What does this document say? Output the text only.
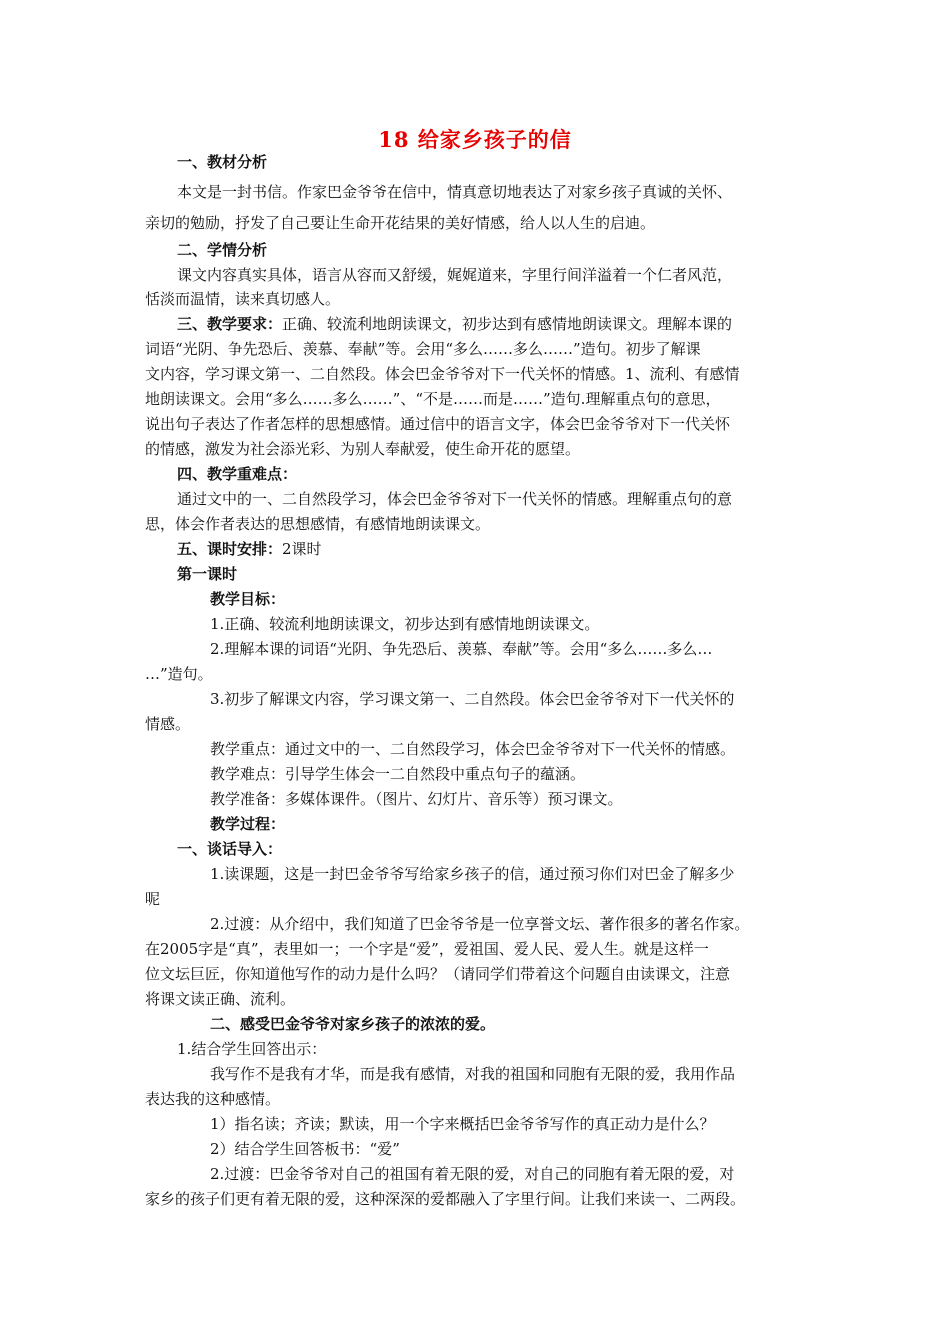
18 给家乡孩子的信
一、教材分析
本文是一封书信。作家巴金爷爷在信中，情真意切地表达了对家乡孩子真诚的关怀、
亲切的勉励，抒发了自己要让生命开花结果的美好情感，给人以人生的启迪。
二、学情分析
课文内容真实具体，语言从容而又舒缓，娓娓道来，字里行间洋溢着一个仁者风范，
恬淡而温情，读来真切感人。
三、教学要求：正确、较流利地朗读课文，初步达到有感情地朗读课文。理解本课的
词语“光阴、争先恐后、羡慕、奉献”等。会用“多么……多么……”造句。初步了解课
文内容，学习课文第一、二自然段。体会巴金爷爷对下一代关怀的情感。1、流利、有感情
地朗读课文。会用“多么……多么……”、“不是……而是……”造句.理解重点句的意思，
说出句子表达了作者怎样的思想感情。通过信中的语言文字，体会巴金爷爷对下一代关怀
的情感，激发为社会添光彩、为别人奉献爱，使生命开花的愿望。
四、教学重难点：
通过文中的一、二自然段学习，体会巴金爷爷对下一代关怀的情感。理解重点句的意
思，体会作者表达的思想感情，有感情地朗读课文。
五、课时安排：2课时
第一课时
教学目标：
1.正确、较流利地朗读课文，初步达到有感情地朗读课文。
2.理解本课的词语“光阴、争先恐后、羡慕、奉献”等。会用“多么……多么…
…”造句。
3.初步了解课文内容，学习课文第一、二自然段。体会巴金爷爷对下一代关怀的
情感。
教学重点：通过文中的一、二自然段学习，体会巴金爷爷对下一代关怀的情感。
教学难点：引导学生体会一二自然段中重点句子的蕴涵。
教学准备：多媒体课件。（图片、幻灯片、音乐等）预习课文。
教学过程：
一、谈话导入：
1.读课题，这是一封巴金爷爷写给家乡孩子的信，通过预习你们对巴金了解多少
呢
2.过渡：从介绍中，我们知道了巴金爷爷是一位享誉文坛、著作很多的著名作家。
在2005字是“真”，表里如一；一个字是“爱”，爱祖国、爱人民、爱人生。就是这样一
位文坛巨匠，你知道他写作的动力是什么吗？（请同学们带着这个问题自由读课文，注意
将课文读正确、流利。
二、感受巴金爷爷对家乡孩子的浓浓的爱。
1.结合学生回答出示：
我写作不是我有才华，而是我有感情，对我的祖国和同胞有无限的爱，我用作品
表达我的这种感情。
1）指名读；齐读；默读，用一个字来概括巴金爷爷写作的真正动力是什么？
2）结合学生回答板书：“爱”
2.过渡：巴金爷爷对自己的祖国有着无限的爱，对自己的同胞有着无限的爱，对
家乡的孩子们更有着无限的爱，这种深深的爱都融入了字里行间。让我们来读一、二两段。
